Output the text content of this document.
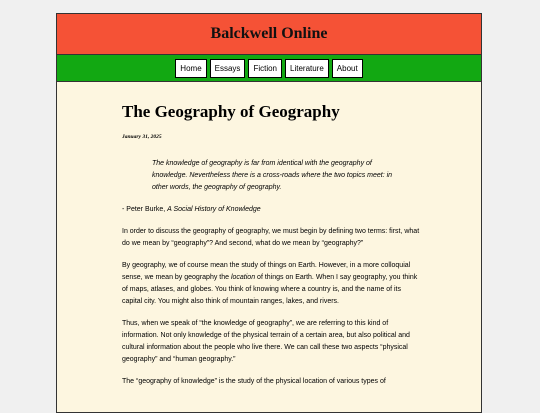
Balckwell Online
Home	Essays	Fiction	Literature	About
The Geography of Geography
January 31, 2025
The knowledge of geography is far from identical with the geography of knowledge. Nevertheless there is a cross-roads where the two topics meet: in other words, the geography of geography.

- Peter Burke, A Social History of Knowledge

In order to discuss the geography of geography, we must begin by defining two terms: first, what do we mean by “geography”? And second, what do we mean by “geography?”

By geography, we of course mean the study of things on Earth. However, in a more colloquial sense, we mean by geography the location of things on Earth. When I say geography, you think of maps, atlases, and globes. You think of knowing where a country is, and the name of its capital city. You might also think of mountain ranges, lakes, and rivers.

Thus, when we speak of “the knowledge of geography”, we are referring to this kind of information. Not only knowledge of the physical terrain of a certain area, but also political and cultural information about the people who live there. We can call these two aspects “physical geography” and “human geography.”

The “geography of knowledge” is the study of the physical location of various types of
